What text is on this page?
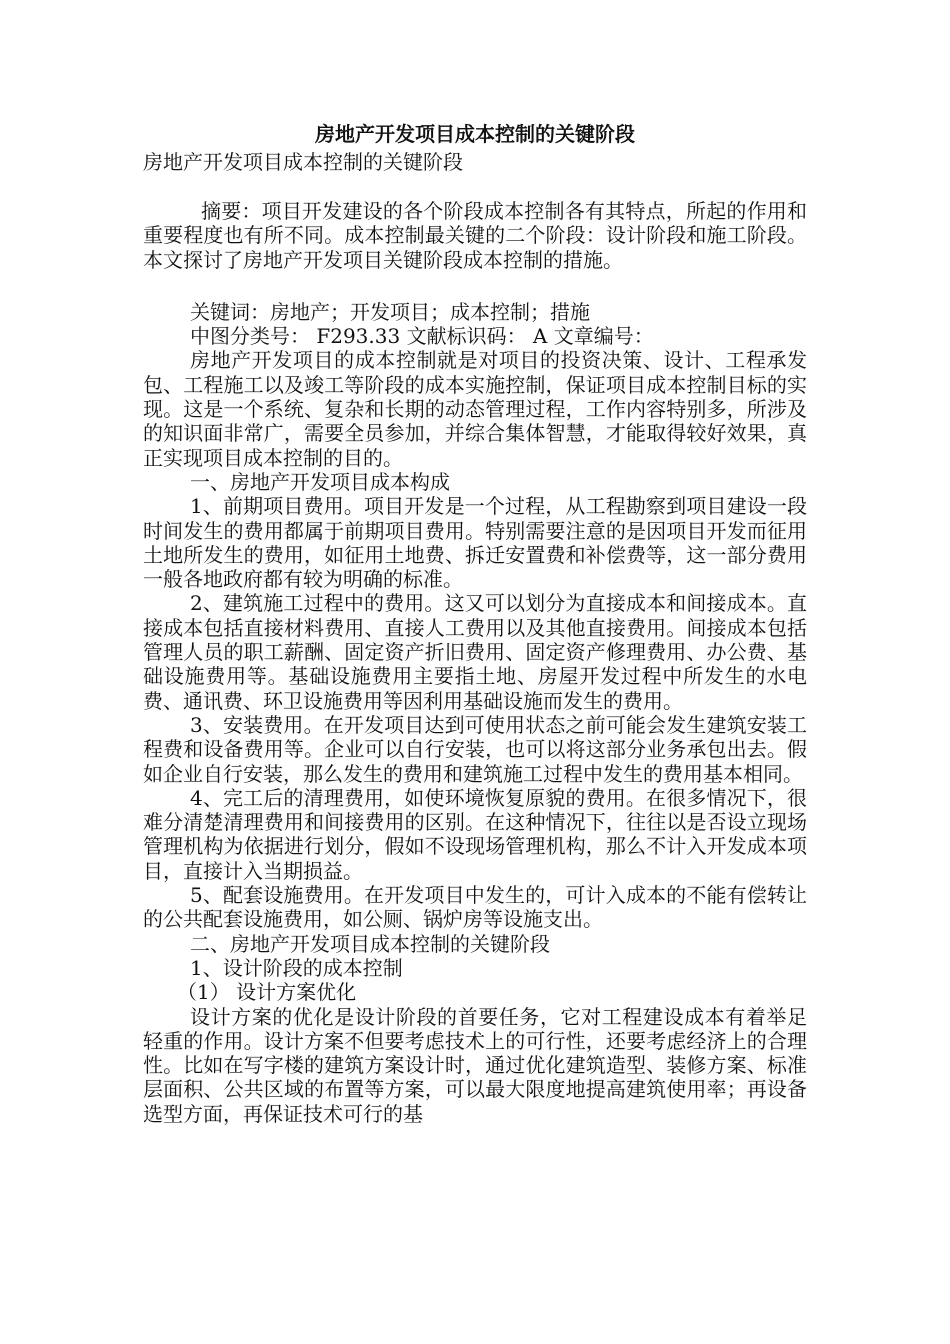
房地产开发项目成本控制的关键阶段
房地产开发项目成本控制的关键阶段

摘要：项目开发建设的各个阶段成本控制各有其特点，所起的作用和重要程度也有所不同。成本控制最关键的二个阶段：设计阶段和施工阶段。本文探讨了房地产开发项目关键阶段成本控制的措施。

关键词：房地产；开发项目；成本控制；措施

中图分类号： F293.33 文献标识码： A 文章编号：

房地产开发项目的成本控制就是对项目的投资决策、设计、工程承发包、工程施工以及竣工等阶段的成本实施控制，保证项目成本控制目标的实现。这是一个系统、复杂和长期的动态管理过程，工作内容特别多，所涉及的知识面非常广，需要全员参加，并综合集体智慧，才能取得较好效果，真正实现项目成本控制的目的。

一、房地产开发项目成本构成

1、前期项目费用。项目开发是一个过程，从工程勘察到项目建设一段时间发生的费用都属于前期项目费用。特别需要注意的是因项目开发而征用土地所发生的费用，如征用土地费、拆迁安置费和补偿费等，这一部分费用一般各地政府都有较为明确的标准。

2、建筑施工过程中的费用。这又可以划分为直接成本和间接成本。直接成本包括直接材料费用、直接人工费用以及其他直接费用。间接成本包括管理人员的职工薪酬、固定资产折旧费用、固定资产修理费用、办公费、基础设施费用等。基础设施费用主要指土地、房屋开发过程中所发生的水电费、通讯费、环卫设施费用等因利用基础设施而发生的费用。

3、安装费用。在开发项目达到可使用状态之前可能会发生建筑安装工程费和设备费用等。企业可以自行安装，也可以将这部分业务承包出去。假如企业自行安装，那么发生的费用和建筑施工过程中发生的费用基本相同。

4、完工后的清理费用，如使环境恢复原貌的费用。在很多情况下，很难分清楚清理费用和间接费用的区别。在这种情况下，往往以是否设立现场管理机构为依据进行划分，假如不设现场管理机构，那么不计入开发成本项目，直接计入当期损益。

5、配套设施费用。在开发项目中发生的，可计入成本的不能有偿转让的公共配套设施费用，如公厕、锅炉房等设施支出。

二、房地产开发项目成本控制的关键阶段

1、设计阶段的成本控制

（1） 设计方案优化

设计方案的优化是设计阶段的首要任务，它对工程建设成本有着举足轻重的作用。设计方案不但要考虑技术上的可行性，还要考虑经济上的合理性。比如在写字楼的建筑方案设计时，通过优化建筑造型、装修方案、标准层面积、公共区域的布置等方案，可以最大限度地提高建筑使用率；再设备选型方面，再保证技术可行的基
